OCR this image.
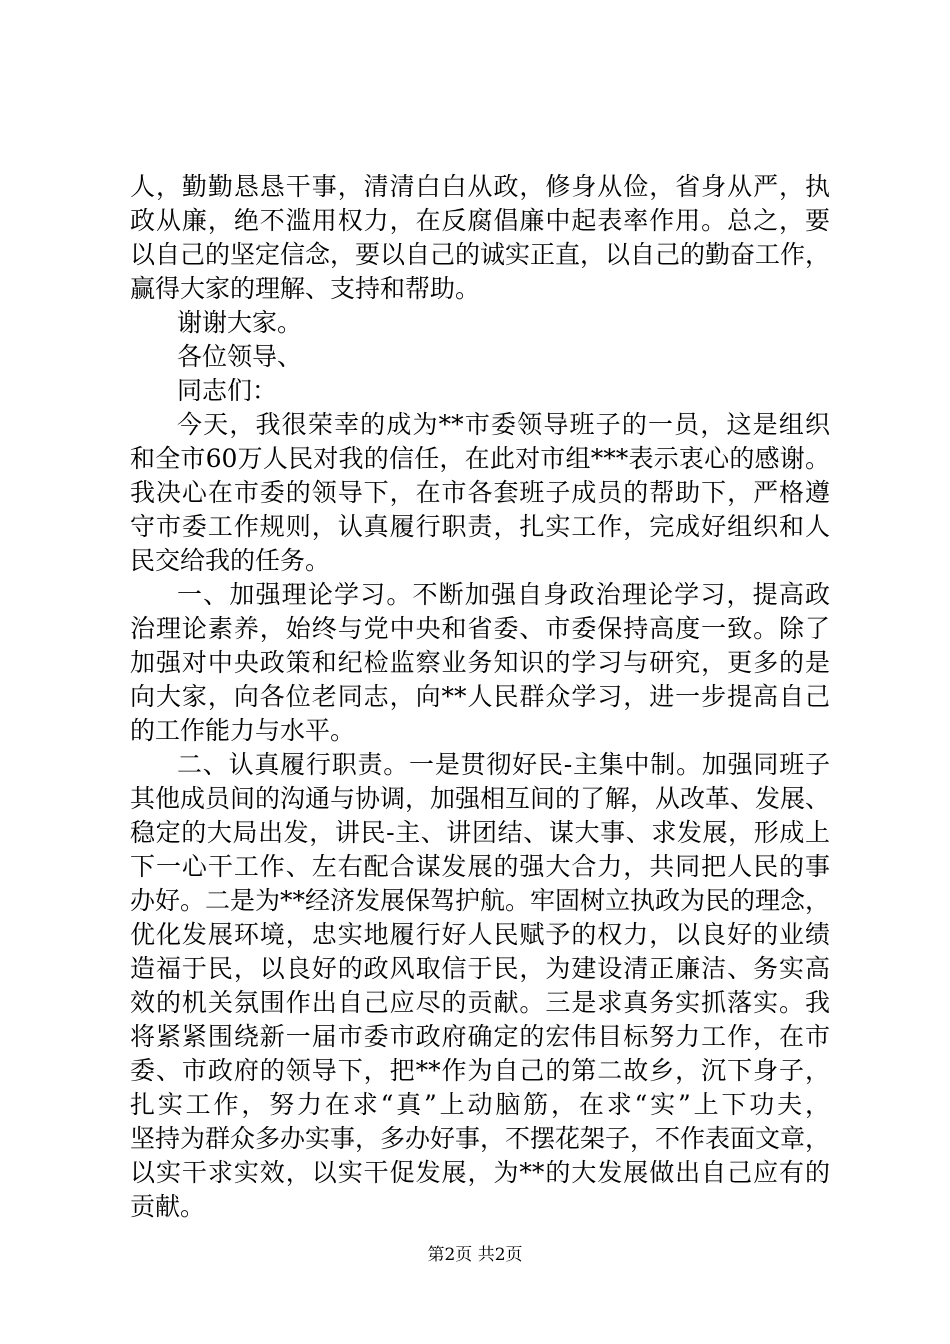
人，勤勤恳恳干事，清清白白从政，修身从俭，省身从严，执
政从廉，绝不滥用权力，在反腐倡廉中起表率作用。总之，要
以自己的坚定信念，要以自己的诚实正直，以自己的勤奋工作，
赢得大家的理解、支持和帮助。
谢谢大家。
各位领导、
同志们：
今天，我很荣幸的成为**市委领导班子的一员，这是组织
和全市60万人民对我的信任，在此对市组***表示衷心的感谢。
我决心在市委的领导下，在市各套班子成员的帮助下，严格遵
守市委工作规则，认真履行职责，扎实工作，完成好组织和人
民交给我的任务。
一、加强理论学习。不断加强自身政治理论学习，提高政
治理论素养，始终与党中央和省委、市委保持高度一致。除了
加强对中央政策和纪检监察业务知识的学习与研究，更多的是
向大家，向各位老同志，向**人民群众学习，进一步提高自己
的工作能力与水平。
二、认真履行职责。一是贯彻好民-主集中制。加强同班子
其他成员间的沟通与协调，加强相互间的了解，从改革、发展、
稳定的大局出发，讲民-主、讲团结、谋大事、求发展，形成上
下一心干工作、左右配合谋发展的强大合力，共同把人民的事
办好。二是为**经济发展保驾护航。牢固树立执政为民的理念，
优化发展环境，忠实地履行好人民赋予的权力，以良好的业绩
造福于民，以良好的政风取信于民，为建设清正廉洁、务实高
效的机关氛围作出自己应尽的贡献。三是求真务实抓落实。我
将紧紧围绕新一届市委市政府确定的宏伟目标努力工作，在市
委、市政府的领导下，把**作为自己的第二故乡，沉下身子，
扎实工作，努力在求“真”上动脑筋，在求“实”上下功夫，
坚持为群众多办实事，多办好事，不摆花架子，不作表面文章，
以实干求实效，以实干促发展，为**的大发展做出自己应有的
贡献。
第2页 共2页
